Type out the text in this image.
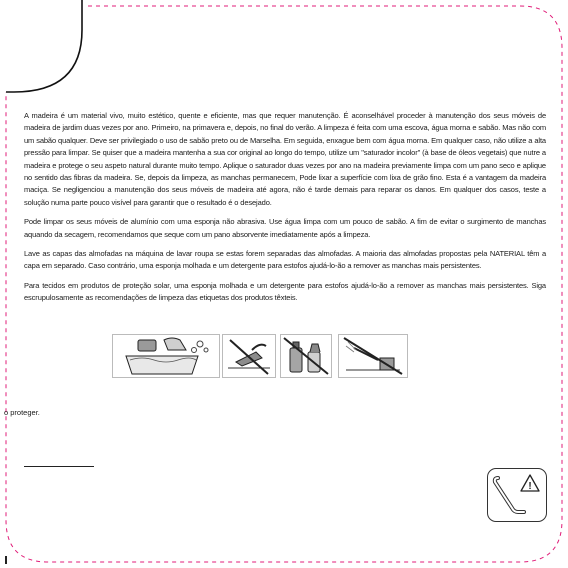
A madeira é um material vivo, muito estético, quente e eficiente, mas que requer manutenção. É aconselhável proceder à manutenção dos seus móveis de madeira de jardim duas vezes por ano. Primeiro, na primavera e, depois, no final do verão. A limpeza é feita com uma escova, água morna e sabão. Mas não com um sabão qualquer. Deve ser privilegiado o uso de sabão preto ou de Marselha. Em seguida, enxague bem com água morna. Em qualquer caso, não utilize a alta pressão para limpar. Se quiser que a madeira mantenha a sua cor original ao longo do tempo, utilize um "saturador incolor" (à base de óleos vegetais) que nutre a madeira e protege o seu aspeto natural durante muito tempo. Aplique o saturador duas vezes por ano na madeira previamente limpa com um pano seco e aplique no sentido das fibras da madeira. Se, depois da limpeza, as manchas permanecem, Pode lixar a superfície com lixa de grão fino. Esta é a vantagem da madeira maciça. Se negligenciou a manutenção dos seus móveis de madeira até agora, não é tarde demais para reparar os danos. Em qualquer dos casos, teste a solução numa parte pouco visível para garantir que o resultado é o desejado.

Pode limpar os seus móveis de alumínio com uma esponja não abrasiva. Use água limpa com um pouco de sabão. A fim de evitar o surgimento de manchas aquando da secagem, recomendamos que seque com um pano absorvente imediatamente após a limpeza.

Lave as capas das almofadas na máquina de lavar roupa se estas forem separadas das almofadas. A maioria das almofadas propostas pela NATERIAL têm a capa em separado. Caso contrário, uma esponja molhada e um detergente para estofos ajudá-lo-ão a remover as manchas mais persistentes.

Para tecidos em produtos de proteção solar, uma esponja molhada e um detergente para estofos ajudá-lo-ão a remover as manchas mais persistentes. Siga escrupulosamente as recomendações de limpeza das etiquetas dos produtos têxteis.

o proteger.
!
